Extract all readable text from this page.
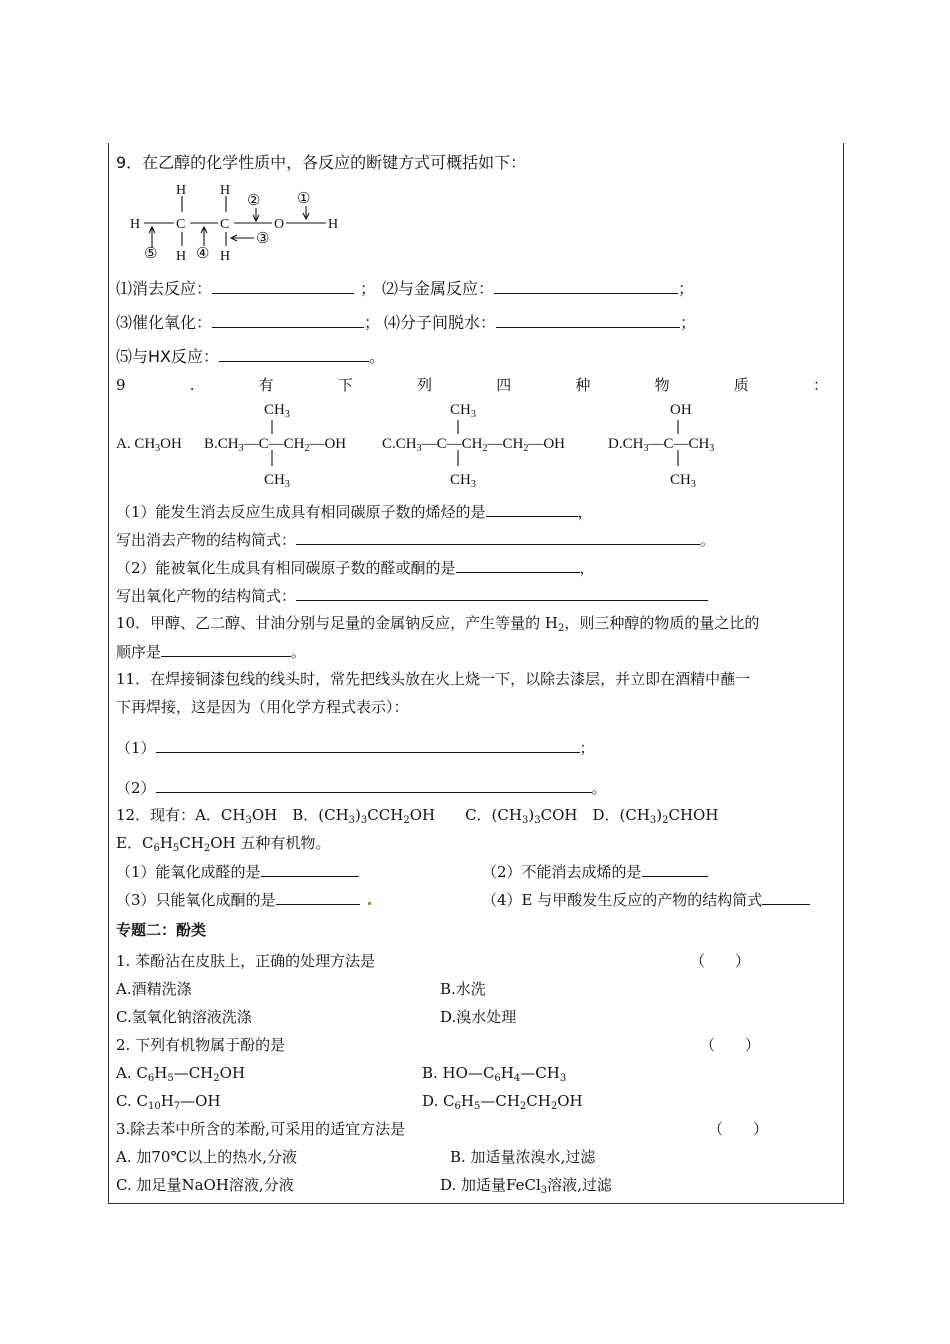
9．在乙醇的化学性质中，各反应的断键方式可概括如下：
H	C C	O	H
H H
H H
② ①
③
④
⑤
⑴消去反应：	； ⑵与金属反应：	；
⑶催化氧化：	； ⑷分子间脱水：	；
⑸与HX反应：	。
9	.	有	下	列	四	种	物	质	：
A. $CH_3OH$ $B.CH_3—C—CH_2—OH$
$CH_3$
$CH_3$
$C.CH_3—C—CH_2—CH_2—OH$
$CH_3$
$CH_3$
$D.CH_3—C—CH_3$
OH
$CH_3$
（1）能发生消去反应生成具有相同碳原子数的烯烃的是	，
写出消去产物的结构简式：	。
（2）能被氧化生成具有相同碳原子数的醛或酮的是	，
写出氧化产物的结构简式：
10．甲醇、乙二醇、甘油分别与足量的金属钠反应，产生等量的 $H_2$，则三种醇的物质的量之比的
顺序是	。
11．在焊接铜漆包线的线头时，常先把线头放在火上烧一下，以除去漆层，并立即在酒精中蘸一
下再焊接，这是因为（用化学方程式表示）：
（1）	；
（2）	。
12．现有：A．$CH_3OH$　B．$(CH_3)_3CCH_2OH$　　C．$(CH_3)_3COH$　D．$(CH_3)_2CHOH$
E．$C_6H_5CH_2OH$ 五种有机物。
（1）能氧化成醛的是	（2）不能消去成烯的是
（3）只能氧化成酮的是	（4）E 与甲酸发生反应的产物的结构简式
专题二：酚类
1. 苯酚沾在皮肤上，正确的处理方法是	（　　）
A.酒精洗涤	B.水洗
C.氢氧化钠溶液洗涤	D.溴水处理
2. 下列有机物属于酚的是	（　　）
A. $C_6H_5—CH_2OH$	B. $HO—C_6H_4—CH_3$
C. $C_{10}H_7—OH$	D. $C_6H_5—CH_2CH_2OH$
3.除去苯中所含的苯酚,可采用的适宜方法是	（　　）
A. 加70℃以上的热水,分液	B. 加适量浓溴水,过滤
C. 加足量NaOH溶液,分液	D. 加适量FeCl$_3$溶液,过滤
